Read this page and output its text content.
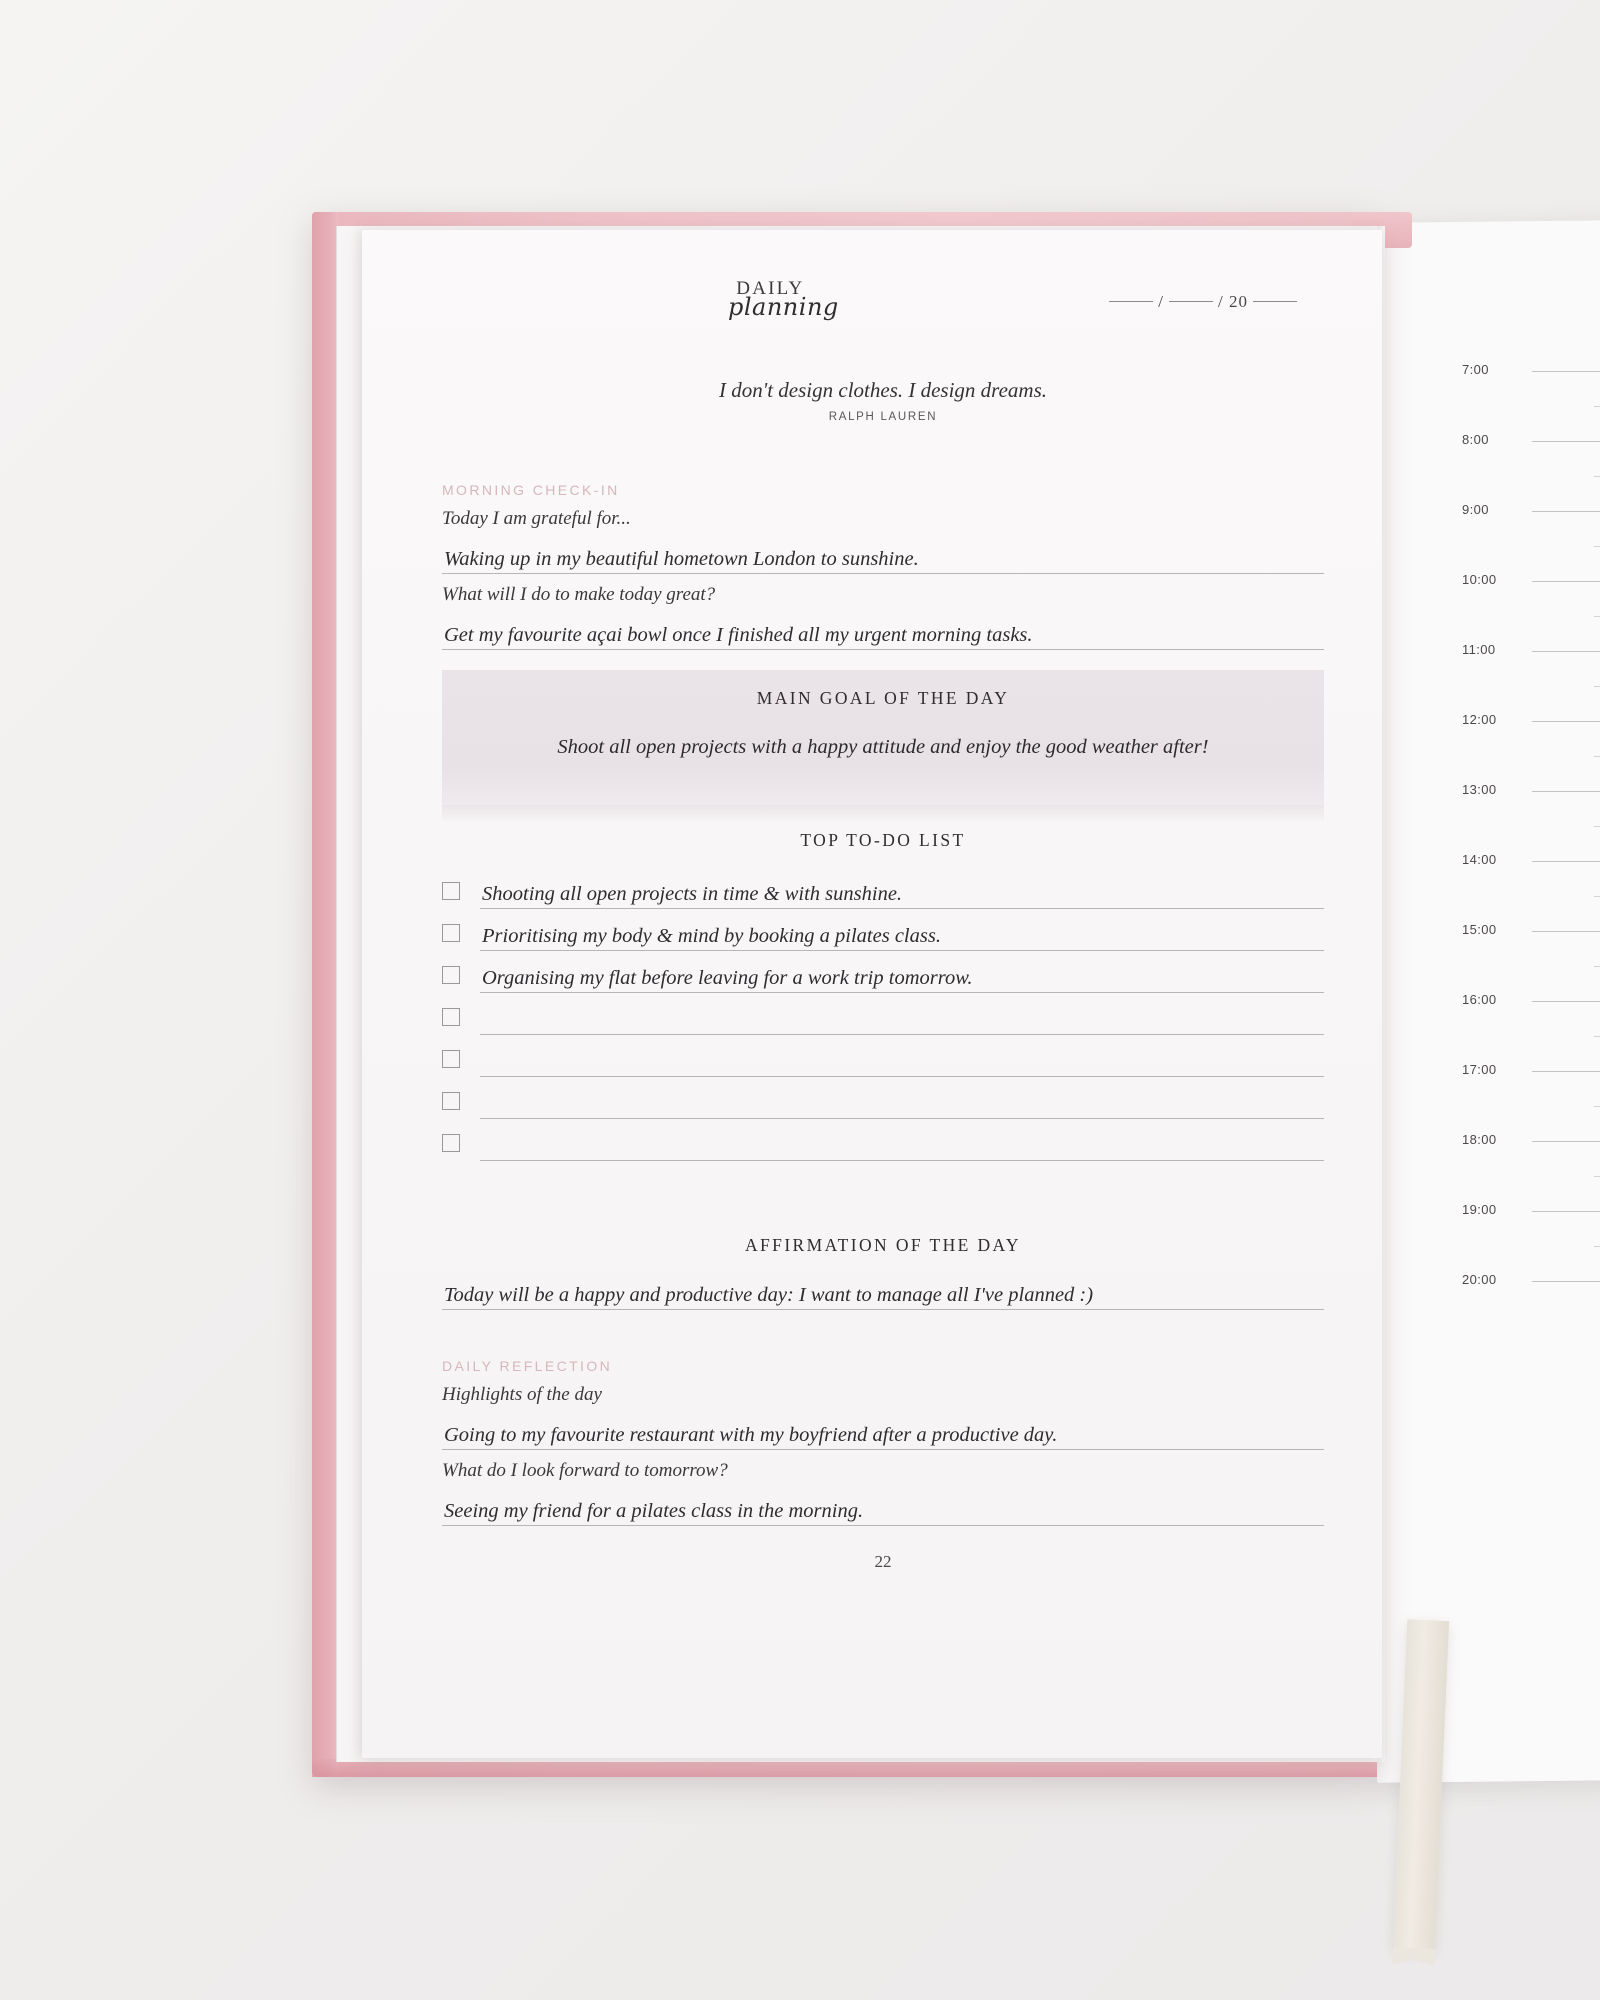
DAILY
planning	/	/ 20
I don't design clothes. I design dreams.
RALPH LAUREN
MORNING CHECK-IN
Today I am grateful for...
Waking up in my beautiful hometown London to sunshine.
What will I do to make today great?
Get my favourite açai bowl once I finished all my urgent morning tasks.
MAIN GOAL OF THE DAY
Shoot all open projects with a happy attitude and enjoy the good weather after!
TOP TO-DO LIST
Shooting all open projects in time & with sunshine.
Prioritising my body & mind by booking a pilates class.
Organising my flat before leaving for a work trip tomorrow.
AFFIRMATION OF THE DAY
Today will be a happy and productive day: I want to manage all I've planned :)
DAILY REFLECTION
Highlights of the day
Going to my favourite restaurant with my boyfriend after a productive day.
What do I look forward to tomorrow?
Seeing my friend for a pilates class in the morning.
22
7:00
8:00
9:00
10:00
11:00
12:00
13:00
14:00
15:00
16:00
17:00
18:00
19:00
20:00
